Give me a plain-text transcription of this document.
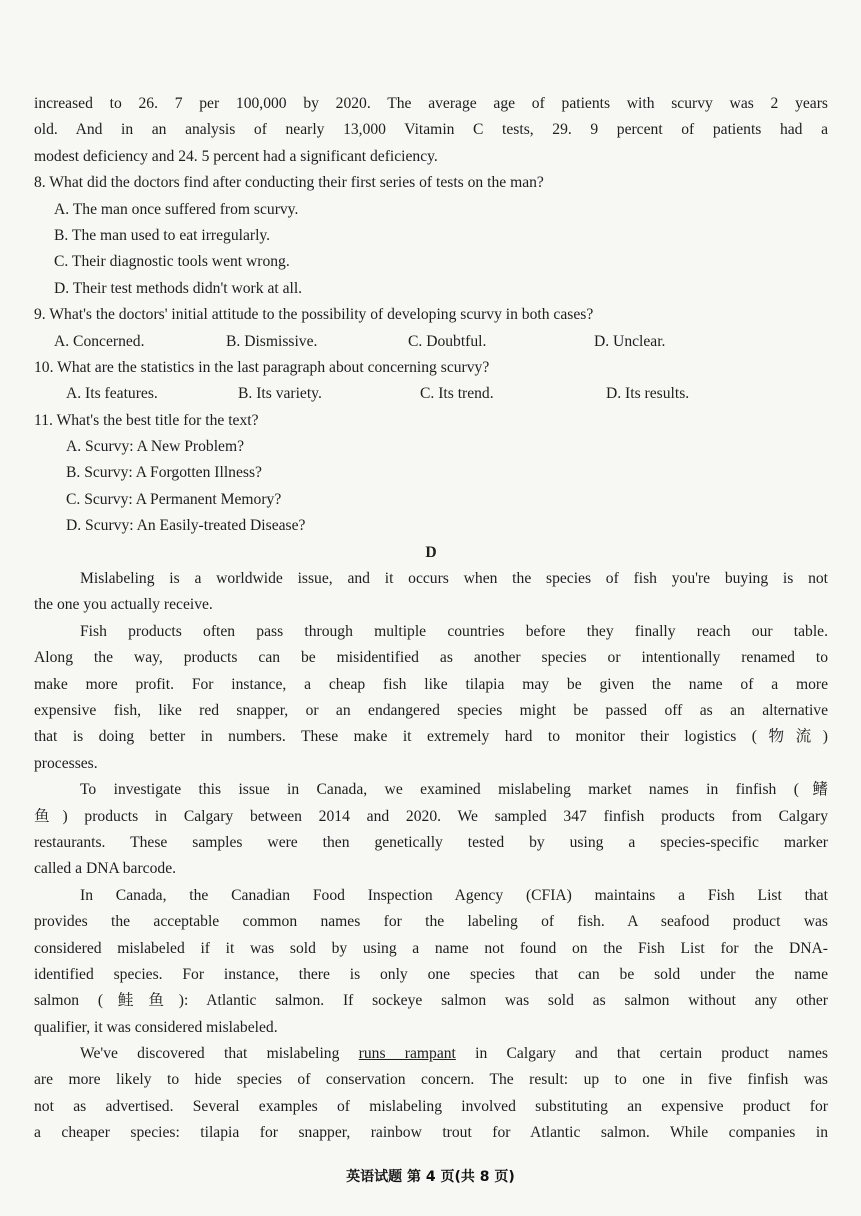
increased to 26. 7 per 100,000 by 2020. The average age of patients with scurvy was 2 years
old. And in an analysis of nearly 13,000 Vitamin C tests, 29. 9 percent of patients had a
modest deficiency and 24. 5 percent had a significant deficiency.
8. What did the doctors find after conducting their first series of tests on the man?
A. The man once suffered from scurvy.
B. The man used to eat irregularly.
C. Their diagnostic tools went wrong.
D. Their test methods didn't work at all.
9. What's the doctors' initial attitude to the possibility of developing scurvy in both cases?
A. Concerned.	B. Dismissive.	C. Doubtful.	D. Unclear.
10. What are the statistics in the last paragraph about concerning scurvy?
A. Its features.	B. Its variety.	C. Its trend.	D. Its results.
11. What's the best title for the text?
A. Scurvy: A New Problem?
B. Scurvy: A Forgotten Illness?
C. Scurvy: A Permanent Memory?
D. Scurvy: An Easily-treated Disease?
D
Mislabeling is a worldwide issue, and it occurs when the species of fish you're buying is not
the one you actually receive.
Fish products often pass through multiple countries before they finally reach our table.
Along the way, products can be misidentified as another species or intentionally renamed to
make more profit. For instance, a cheap fish like tilapia may be given the name of a more
expensive fish, like red snapper, or an endangered species might be passed off as an alternative
that is doing better in numbers. These make it extremely hard to monitor their logistics (物流)
processes.
To investigate this issue in Canada, we examined mislabeling market names in finfish (鳍
鱼) products in Calgary between 2014 and 2020. We sampled 347 finfish products from Calgary
restaurants. These samples were then genetically tested by using a species-specific marker
called a DNA barcode.
In Canada, the Canadian Food Inspection Agency (CFIA) maintains a Fish List that
provides the acceptable common names for the labeling of fish. A seafood product was
considered mislabeled if it was sold by using a name not found on the Fish List for the DNA-
identified species. For instance, there is only one species that can be sold under the name
salmon (鲑鱼): Atlantic salmon. If sockeye salmon was sold as salmon without any other
qualifier, it was considered mislabeled.
We've discovered that mislabeling runs rampant in Calgary and that certain product names
are more likely to hide species of conservation concern. The result: up to one in five finfish was
not as advertised. Several examples of mislabeling involved substituting an expensive product for
a cheaper species: tilapia for snapper, rainbow trout for Atlantic salmon. While companies in
英语试题 第 4 页(共 8 页)
